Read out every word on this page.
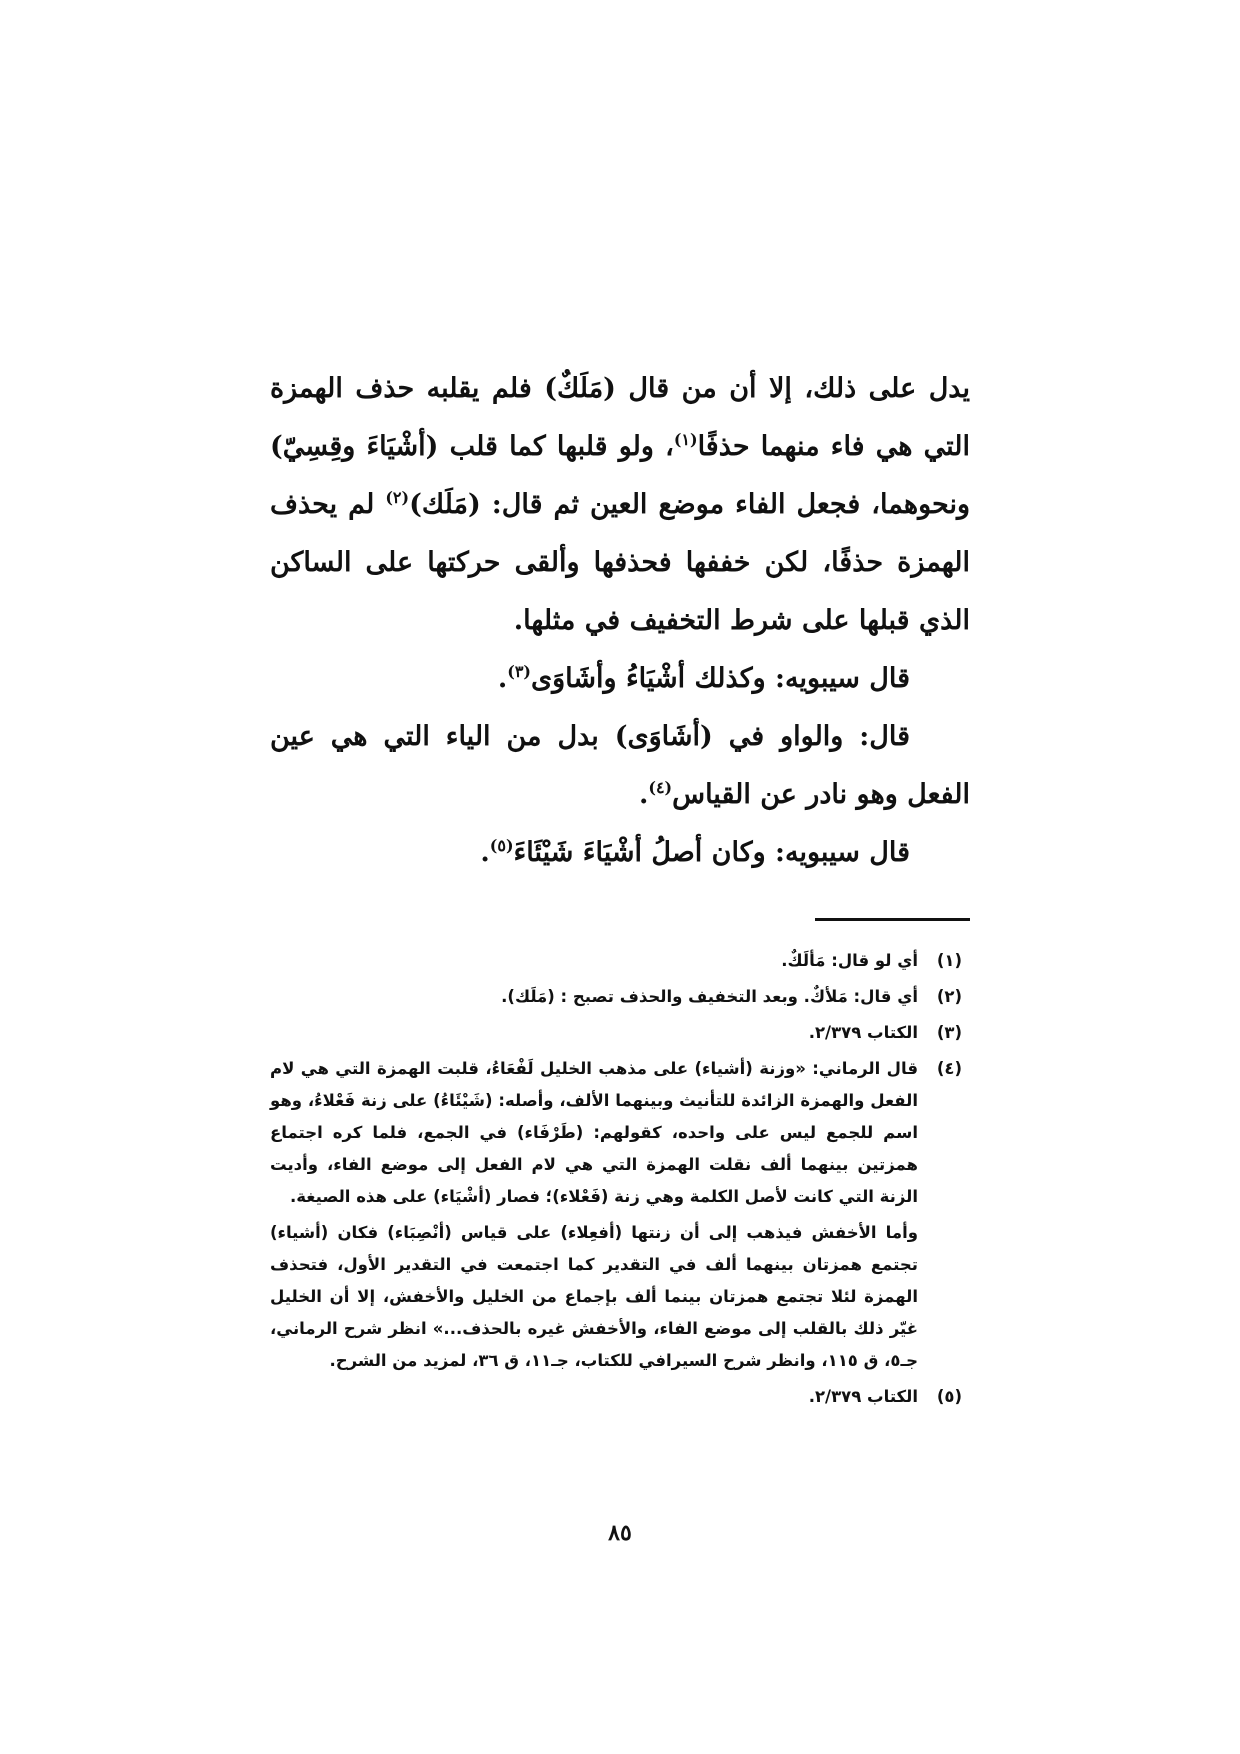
يدل على ذلك، إلا أن من قال (مَلَكٌ) فلم يقلبه حذف الهمزة التي هي فاء منهما حذفًا$^{(١)}$، ولو قلبها كما قلب (أشْيَاءَ وقِسِيّ) ونحوهما، فجعل الفاء موضع العين ثم قال: (مَلَك)$^{(٢)}$ لم يحذف الهمزة حذفًا، لكن خففها فحذفها وألقى حركتها على الساكن الذي قبلها على شرط التخفيف في مثلها.

قال سيبويه: وكذلك أشْيَاءُ وأشَاوَى$^{(٣)}$.

قال: والواو في (أشَاوَى) بدل من الياء التي هي عين الفعل وهو نادر عن القياس$^{(٤)}$.

قال سيبويه: وكان أصلُ أشْيَاءَ شَيْئَاءَ$^{(٥)}$.

(١)
أي لو قال: مَألَكٌ.
(٢)
أي قال: مَلأكٌ. وبعد التخفيف والحذف تصبح : (مَلَك).
(٣)
الكتاب ٢/٣٧٩.
(٤)
قال الرماني: «وزنة (أشياء) على مذهب الخليل لَفْعَاءُ، قلبت الهمزة التي هي لام الفعل والهمزة الزائدة للتأنيث وبينهما الألف، وأصله: (شَيْئَاءُ) على زنة فَعْلاءُ، وهو اسم للجمع ليس على واحده، كقولهم: (طَرْفَاء) في الجمع، فلما كره اجتماع همزتين بينهما ألف نقلت الهمزة التي هي لام الفعل إلى موضع الفاء، وأديت الزنة التي كانت لأصل الكلمة وهي زنة (فَعْلاء)؛ فصار (أشْيَاء) على هذه الصيغة.
وأما الأخفش فيذهب إلى أن زنتها (أفعِلاء) على قياس (أنْصِبَاء) فكان (أشياء) تجتمع همزتان بينهما ألف في التقدير كما اجتمعت في التقدير الأول، فتحذف الهمزة لئلا تجتمع همزتان بينما ألف بإجماع من الخليل والأخفش، إلا أن الخليل غيّر ذلك بالقلب إلى موضع الفاء، والأخفش غيره بالحذف...» انظر شرح الرماني، جـ٥، ق ١١٥، وانظر شرح السيرافي للكتاب، جـ١١، ق ٣٦، لمزيد من الشرح.
(٥)
الكتاب ٢/٣٧٩.
٨٥
